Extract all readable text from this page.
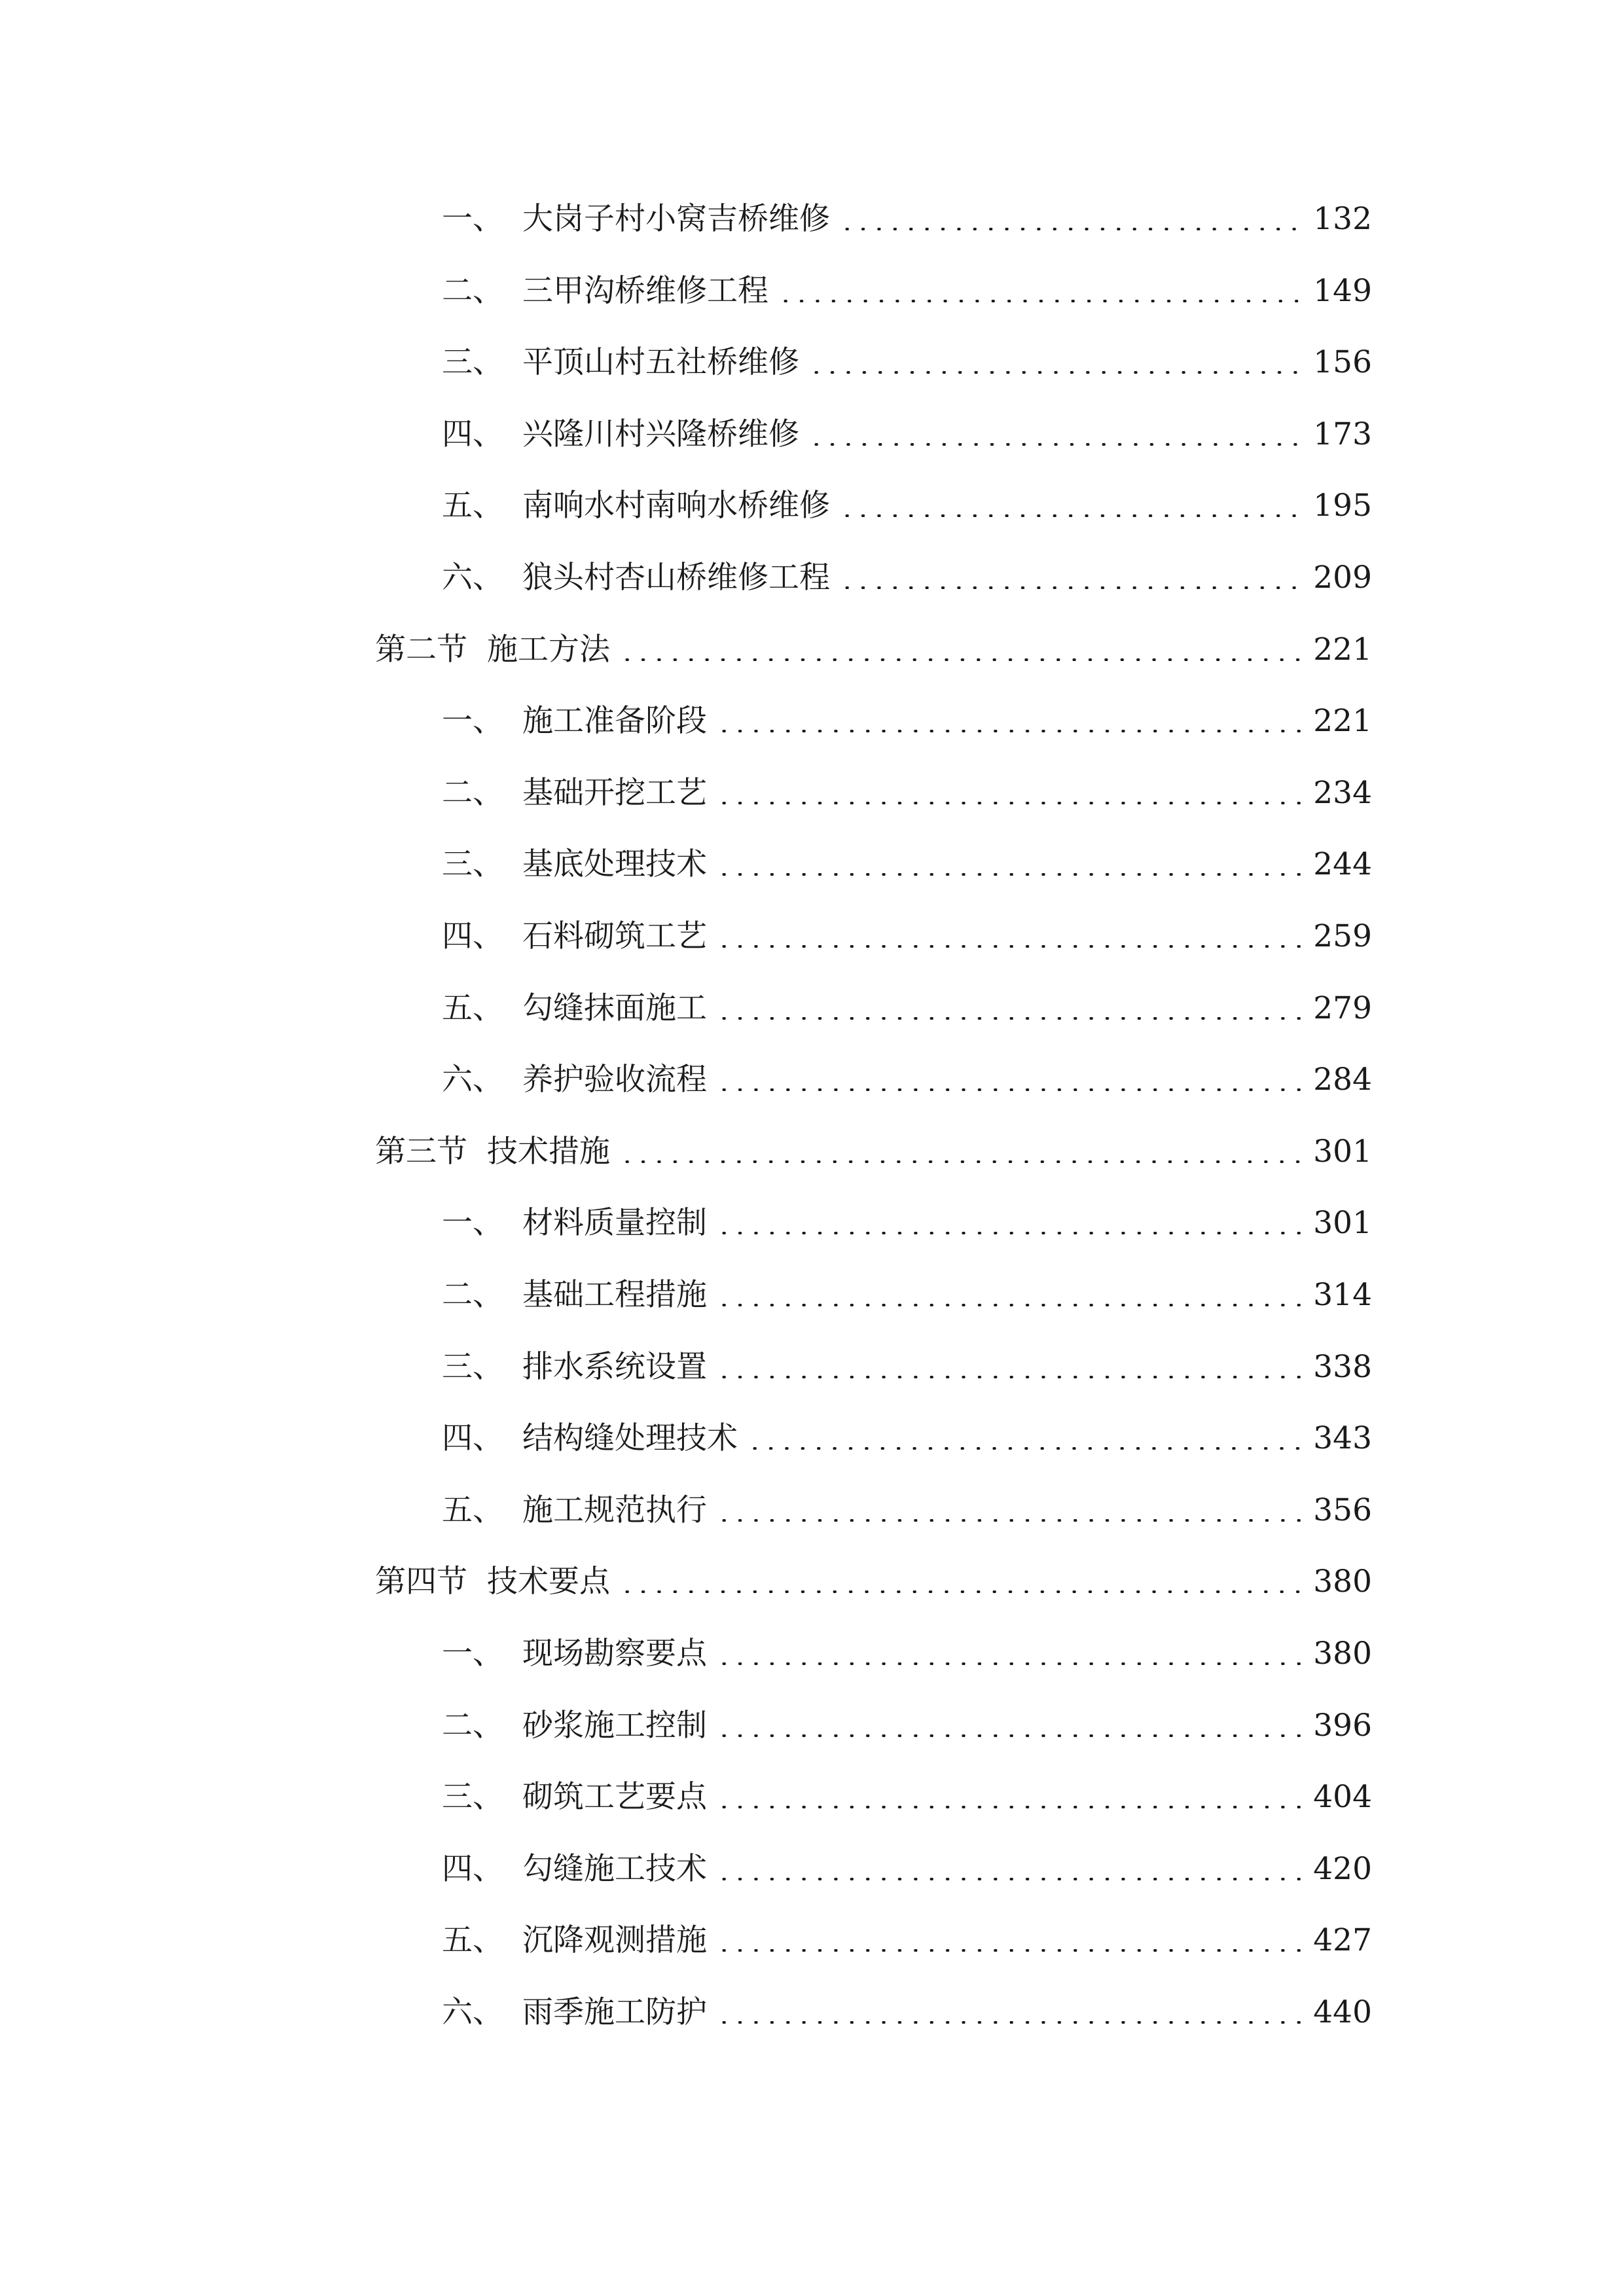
一、 大岗子村小窝吉桥维修	132
二、 三甲沟桥维修工程	149
三、 平顶山村五社桥维修	156
四、 兴隆川村兴隆桥维修	173
五、 南响水村南响水桥维修	195
六、 狼头村杏山桥维修工程	209
第二节 施工方法	221
一、 施工准备阶段	221
二、 基础开挖工艺	234
三、 基底处理技术	244
四、 石料砌筑工艺	259
五、 勾缝抹面施工	279
六、 养护验收流程	284
第三节 技术措施	301
一、 材料质量控制	301
二、 基础工程措施	314
三、 排水系统设置	338
四、 结构缝处理技术	343
五、 施工规范执行	356
第四节 技术要点	380
一、 现场勘察要点	380
二、 砂浆施工控制	396
三、 砌筑工艺要点	404
四、 勾缝施工技术	420
五、 沉降观测措施	427
六、 雨季施工防护	440
